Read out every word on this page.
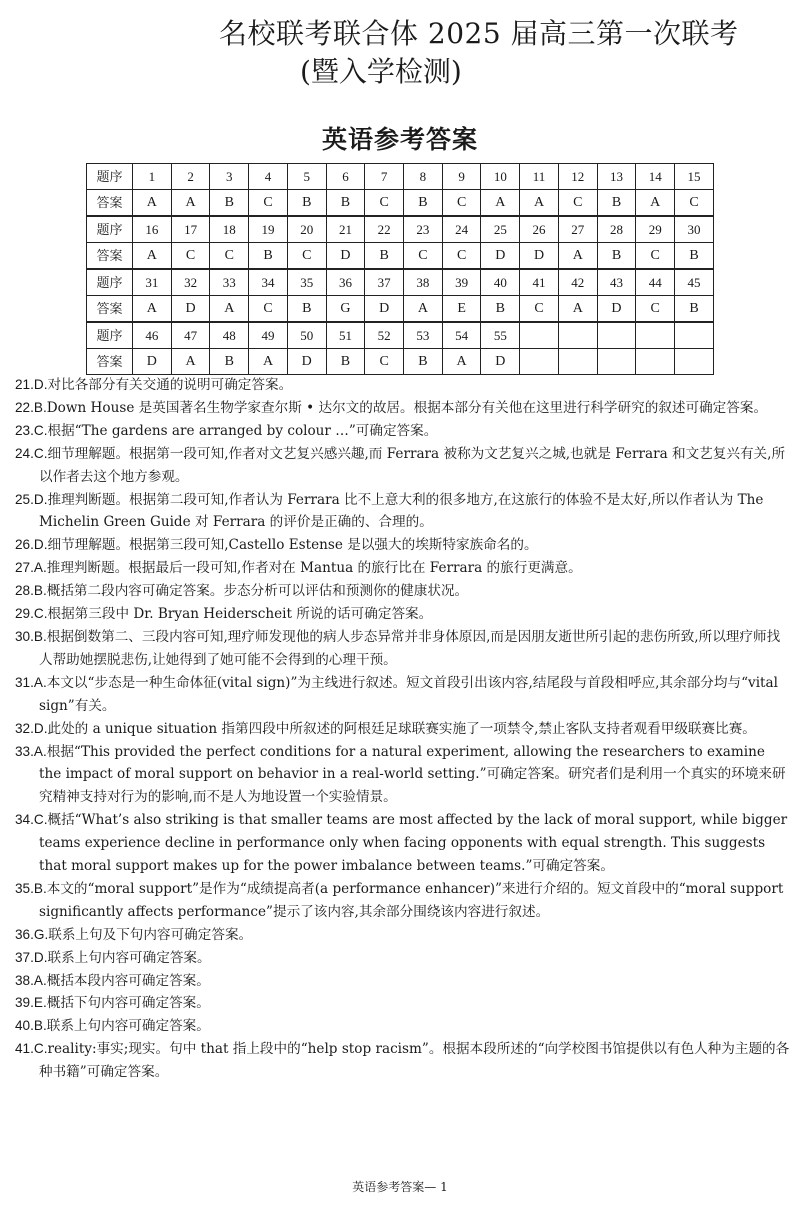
名校联考联合体 2025 届高三第一次联考
(暨入学检测)
英语参考答案
题序	1	2	3	4	5	6	7	8	9	10	11	12	13	14	15
答案	A	A	B	C	B	B	C	B	C	A	A	C	B	A	C
题序	16	17	18	19	20	21	22	23	24	25	26	27	28	29	30
答案	A	C	C	B	C	D	B	C	C	D	D	A	B	C	B
题序	31	32	33	34	35	36	37	38	39	40	41	42	43	44	45
答案	A	D	A	C	B	G	D	A	E	B	C	A	D	C	B
题序	46	47	48	49	50	51	52	53	54	55					
答案	D	A	B	A	D	B	C	B	A	D					

21.D.对比各部分有关交通的说明可确定答案。

22.B.Down House 是英国著名生物学家查尔斯 • 达尔文的故居。根据本部分有关他在这里进行科学研究的叙述可确定答案。

23.C.根据“The gardens are arranged by colour …”可确定答案。

24.C.细节理解题。根据第一段可知,作者对文艺复兴感兴趣,而 Ferrara 被称为文艺复兴之城,也就是 Ferrara 和文艺复兴有关,所以作者去这个地方参观。

25.D.推理判断题。根据第二段可知,作者认为 Ferrara 比不上意大利的很多地方,在这旅行的体验不是太好,所以作者认为 The Michelin Green Guide 对 Ferrara 的评价是正确的、合理的。

26.D.细节理解题。根据第三段可知,Castello Estense 是以强大的埃斯特家族命名的。

27.A.推理判断题。根据最后一段可知,作者对在 Mantua 的旅行比在 Ferrara 的旅行更满意。

28.B.概括第二段内容可确定答案。步态分析可以评估和预测你的健康状况。

29.C.根据第三段中 Dr. Bryan Heiderscheit 所说的话可确定答案。

30.B.根据倒数第二、三段内容可知,理疗师发现他的病人步态异常并非身体原因,而是因朋友逝世所引起的悲伤所致,所以理疗师找人帮助她摆脱悲伤,让她得到了她可能不会得到的心理干预。

31.A.本文以“步态是一种生命体征(vital sign)”为主线进行叙述。短文首段引出该内容,结尾段与首段相呼应,其余部分均与“vital sign”有关。

32.D.此处的 a unique situation 指第四段中所叙述的阿根廷足球联赛实施了一项禁令,禁止客队支持者观看甲级联赛比赛。

33.A.根据“This provided the perfect conditions for a natural experiment, allowing the researchers to examine the impact of moral support on behavior in a real-world setting.”可确定答案。研究者们是利用一个真实的环境来研究精神支持对行为的影响,而不是人为地设置一个实验情景。

34.C.概括“What’s also striking is that smaller teams are most affected by the lack of moral support, while bigger teams experience decline in performance only when facing opponents with equal strength. This suggests that moral support makes up for the power imbalance between teams.”可确定答案。

35.B.本文的“moral support”是作为“成绩提高者(a performance enhancer)”来进行介绍的。短文首段中的“moral support significantly affects performance”提示了该内容,其余部分围绕该内容进行叙述。

36.G.联系上句及下句内容可确定答案。

37.D.联系上句内容可确定答案。

38.A.概括本段内容可确定答案。

39.E.概括下句内容可确定答案。

40.B.联系上句内容可确定答案。

41.C.reality:事实;现实。句中 that 指上段中的“help stop racism”。根据本段所述的“向学校图书馆提供以有色人种为主题的各种书籍”可确定答案。

英语参考答案— 1
